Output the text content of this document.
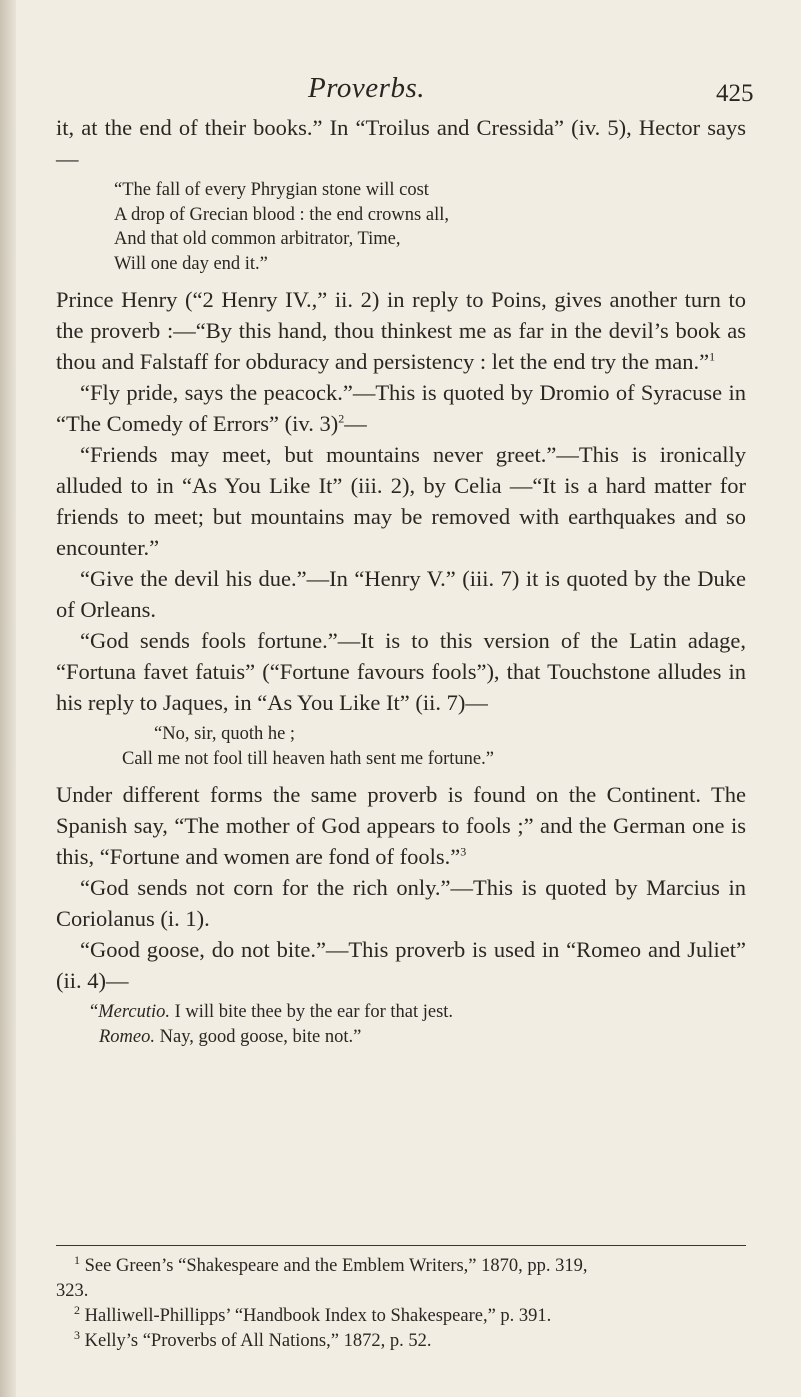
Proverbs.	425

it, at the end of their books.” In “Troilus and Cressida” (iv. 5), Hector says—

“The fall of every Phrygian stone will cost
A drop of Grecian blood : the end crowns all,
And that old common arbitrator, Time,
Will one day end it.”

Prince Henry (“2 Henry IV.,” ii. 2) in reply to Poins, gives another turn to the proverb :—“By this hand, thou thinkest me as far in the devil’s book as thou and Falstaff for obduracy and persistency : let the end try the man.”$^1$

“Fly pride, says the peacock.”—This is quoted by Dromio of Syracuse in “The Comedy of Errors” (iv. 3)$^2$—

“Friends may meet, but mountains never greet.”—This is ironically alluded to in “As You Like It” (iii. 2), by Celia —“It is a hard matter for friends to meet; but mountains may be removed with earthquakes and so encounter.”

“Give the devil his due.”—In “Henry V.” (iii. 7) it is quoted by the Duke of Orleans.

“God sends fools fortune.”—It is to this version of the Latin adage, “Fortuna favet fatuis” (“Fortune favours fools”), that Touchstone alludes in his reply to Jaques, in “As You Like It” (ii. 7)—

“No, sir, quoth he ;
Call me not fool till heaven hath sent me fortune.”

Under different forms the same proverb is found on the Continent. The Spanish say, “The mother of God appears to fools ;” and the German one is this, “Fortune and women are fond of fools.”$^3$

“God sends not corn for the rich only.”—This is quoted by Marcius in Coriolanus (i. 1).

“Good goose, do not bite.”—This proverb is used in “Romeo and Juliet” (ii. 4)—

“Mercutio. I will bite thee by the ear for that jest.
Romeo. Nay, good goose, bite not.”
$^1$ See Green’s “Shakespeare and the Emblem Writers,” 1870, pp. 319,
323.
$^2$ Halliwell-Phillipps’ “Handbook Index to Shakespeare,” p. 391.
$^3$ Kelly’s “Proverbs of All Nations,” 1872, p. 52.
